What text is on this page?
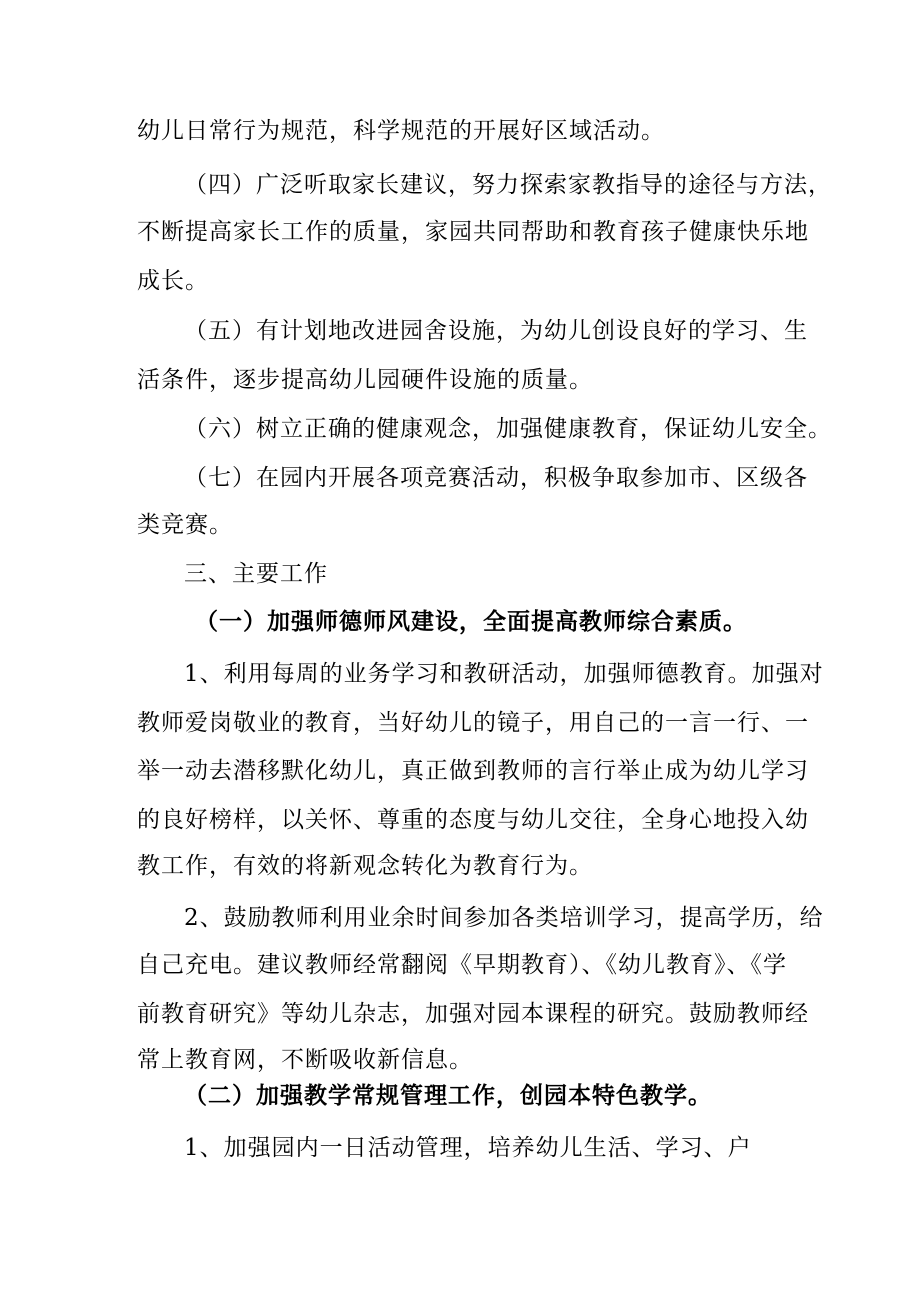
幼儿日常行为规范，科学规范的开展好区域活动。
（四）广泛听取家长建议，努力探索家教指导的途径与方法，
不断提高家长工作的质量，家园共同帮助和教育孩子健康快乐地
成长。
（五）有计划地改进园舍设施，为幼儿创设良好的学习、生
活条件，逐步提高幼儿园硬件设施的质量。
（六）树立正确的健康观念，加强健康教育，保证幼儿安全。
（七）在园内开展各项竞赛活动，积极争取参加市、区级各
类竞赛。
三、主要工作
（一）加强师德师风建设，全面提高教师综合素质。
1、利用每周的业务学习和教研活动，加强师德教育。加强对
教师爱岗敬业的教育，当好幼儿的镜子，用自己的一言一行、一
举一动去潜移默化幼儿，真正做到教师的言行举止成为幼儿学习
的良好榜样，以关怀、尊重的态度与幼儿交往，全身心地投入幼
教工作，有效的将新观念转化为教育行为。
2、鼓励教师利用业余时间参加各类培训学习，提高学历，给
自己充电。建议教师经常翻阅《早期教育）、《幼儿教育》、《学
前教育研究》等幼儿杂志，加强对园本课程的研究。鼓励教师经
常上教育网，不断吸收新信息。
（二）加强教学常规管理工作，创园本特色教学。
1、加强园内一日活动管理，培养幼儿生活、学习、户
